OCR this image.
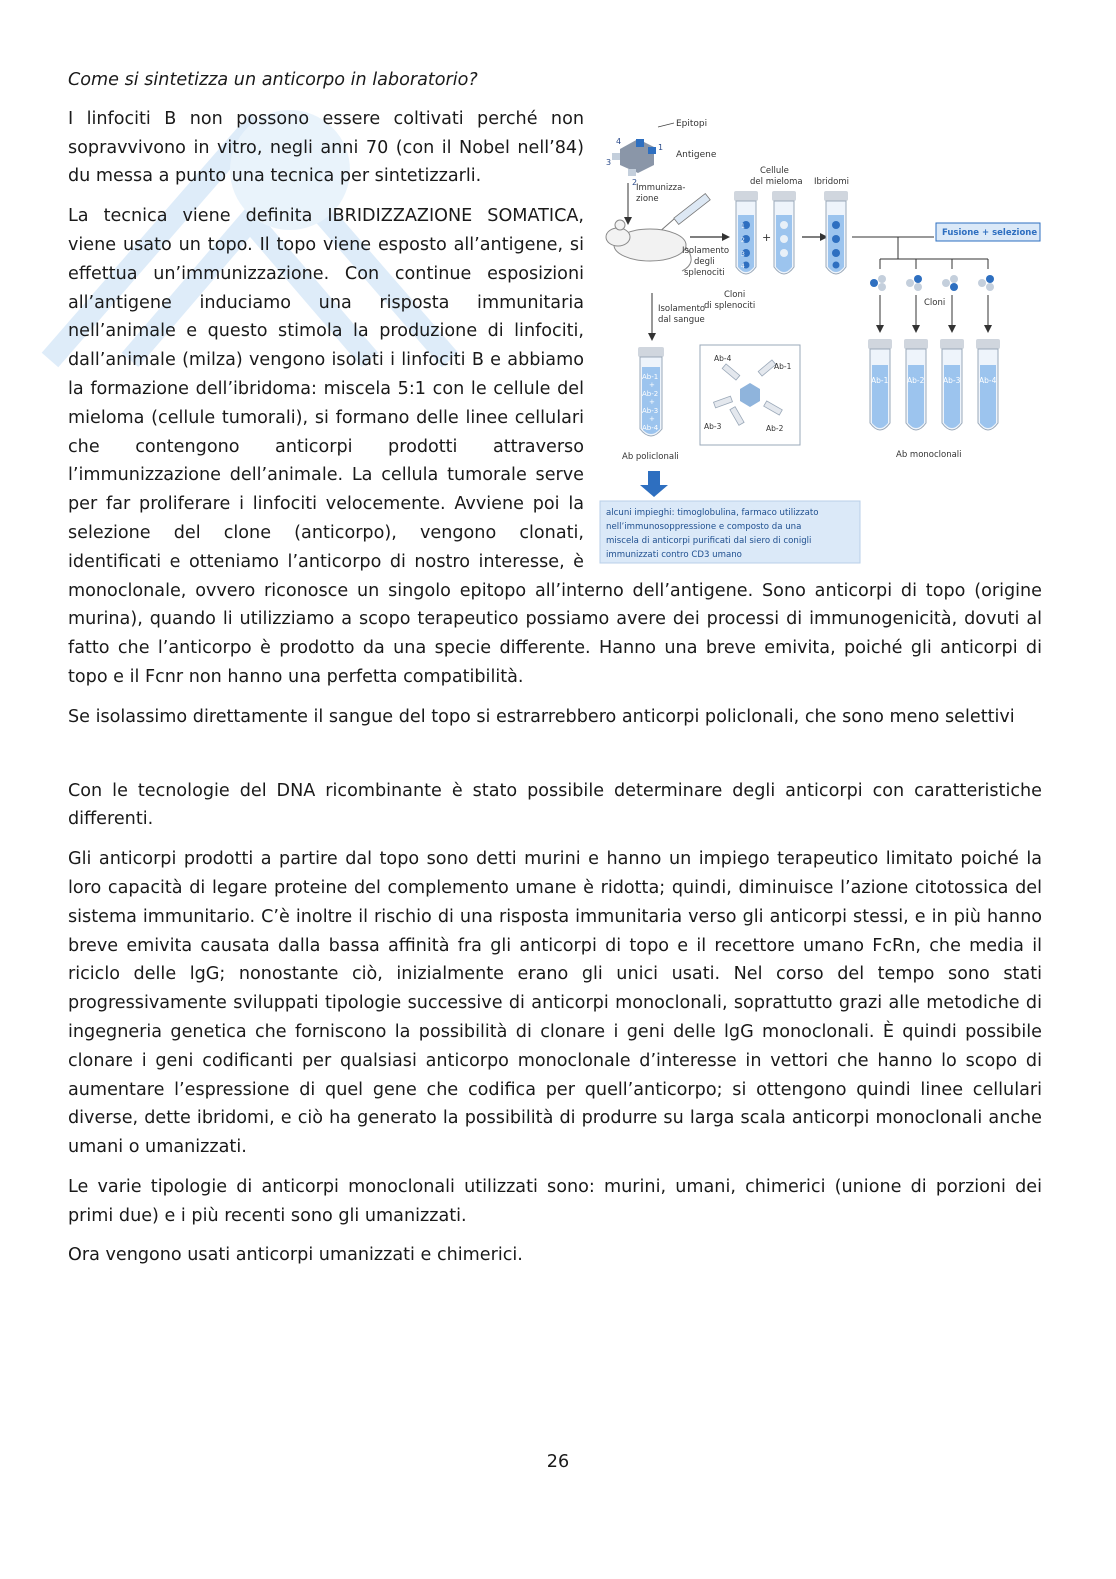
Come si sintetizza un anticorpo in laboratorio?

4
1
3
2
Epitopi
Antigene
Immunizza-
zione
Isolamento
degli
splenociti
1
2
3
4
Cloni
di splenociti
+
Cellule
del mieloma Ibridomi
Fusione + selezione
Cloni
Ab-1 Ab-2 Ab-3 Ab-4
Ab monoclonali
Isolamento
dal sangue
Ab-1
+
Ab-2
+
Ab-3
+
Ab-4
Ab policlonali
Ab-4
Ab-1
Ab-3	Ab-2
alcuni impieghi: timoglobulina, farmaco utilizzato
nell’immunosoppressione e composto da una
miscela di anticorpi purificati dal siero di conigli
immunizzati contro CD3 umano

I linfociti B non possono essere coltivati perché non sopravvivono in vitro, negli anni 70 (con il Nobel nell’84) du messa a punto una tecnica per sintetizzarli.

La tecnica viene definita IBRIDIZZAZIONE SOMATICA, viene usato un topo. Il topo viene esposto all’antigene, si effettua un’immunizzazione. Con continue esposizioni all’antigene induciamo una risposta immunitaria nell’animale e questo stimola la produzione di linfociti, dall’animale (milza) vengono isolati i linfociti B e abbiamo la formazione dell’ibridoma: miscela 5:1 con le cellule del mieloma (cellule tumorali), si formano delle linee cellulari che contengono anticorpi prodotti attraverso l’immunizzazione dell’animale. La cellula tumorale serve per far proliferare i linfociti velocemente. Avviene poi la selezione del clone (anticorpo), vengono clonati, identificati e otteniamo l’anticorpo di nostro interesse, è monoclonale, ovvero riconosce un singolo epitopo all’interno dell’antigene. Sono anticorpi di topo (origine murina), quando li utilizziamo a scopo terapeutico possiamo avere dei processi di immunogenicità, dovuti al fatto che l’anticorpo è prodotto da una specie differente. Hanno una breve emivita, poiché gli anticorpi di topo e il Fcnr non hanno una perfetta compatibilità.

Se isolassimo direttamente il sangue del topo si estrarrebbero anticorpi policlonali, che sono meno selettivi

Con le tecnologie del DNA ricombinante è stato possibile determinare degli anticorpi con caratteristiche differenti.

Gli anticorpi prodotti a partire dal topo sono detti murini e hanno un impiego terapeutico limitato poiché la loro capacità di legare proteine del complemento umane è ridotta; quindi, diminuisce l’azione citotossica del sistema immunitario. C’è inoltre il rischio di una risposta immunitaria verso gli anticorpi stessi, e in più hanno breve emivita causata dalla bassa affinità fra gli anticorpi di topo e il recettore umano FcRn, che media il riciclo delle lgG; nonostante ciò, inizialmente erano gli unici usati. Nel corso del tempo sono stati progressivamente sviluppati tipologie successive di anticorpi monoclonali, soprattutto grazi alle metodiche di ingegneria genetica che forniscono la possibilità di clonare i geni delle lgG monoclonali. È quindi possibile clonare i geni codificanti per qualsiasi anticorpo monoclonale d’interesse in vettori che hanno lo scopo di aumentare l’espressione di quel gene che codifica per quell’anticorpo; si ottengono quindi linee cellulari diverse, dette ibridomi, e ciò ha generato la possibilità di produrre su larga scala anticorpi monoclonali anche umani o umanizzati.

Le varie tipologie di anticorpi monoclonali utilizzati sono: murini, umani, chimerici (unione di porzioni dei primi due) e i più recenti sono gli umanizzati.

Ora vengono usati anticorpi umanizzati e chimerici.

26
